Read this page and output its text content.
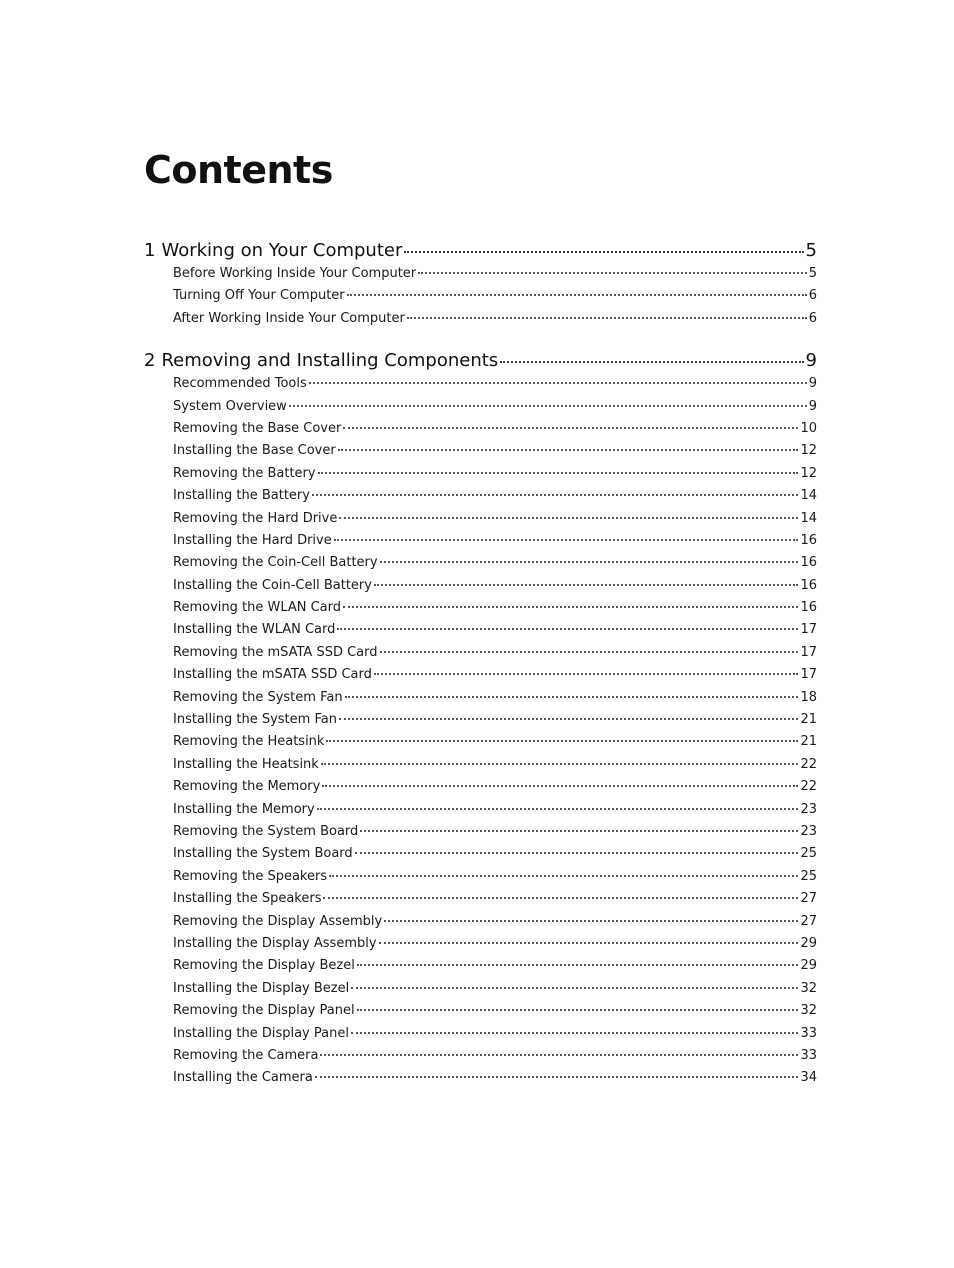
Contents
1 Working on Your Computer	5
Before Working Inside Your Computer	5
Turning Off Your Computer	6
After Working Inside Your Computer	6
2 Removing and Installing Components	9
Recommended Tools	9
System Overview	9
Removing the Base Cover	10
Installing the Base Cover	12
Removing the Battery	12
Installing the Battery	14
Removing the Hard Drive	14
Installing the Hard Drive	16
Removing the Coin-Cell Battery	16
Installing the Coin-Cell Battery	16
Removing the WLAN Card	16
Installing the WLAN Card	17
Removing the mSATA SSD Card	17
Installing the mSATA SSD Card	17
Removing the System Fan	18
Installing the System Fan	21
Removing the Heatsink	21
Installing the Heatsink	22
Removing the Memory	22
Installing the Memory	23
Removing the System Board	23
Installing the System Board	25
Removing the Speakers	25
Installing the Speakers	27
Removing the Display Assembly	27
Installing the Display Assembly	29
Removing the Display Bezel	29
Installing the Display Bezel	32
Removing the Display Panel	32
Installing the Display Panel	33
Removing the Camera	33
Installing the Camera	34
